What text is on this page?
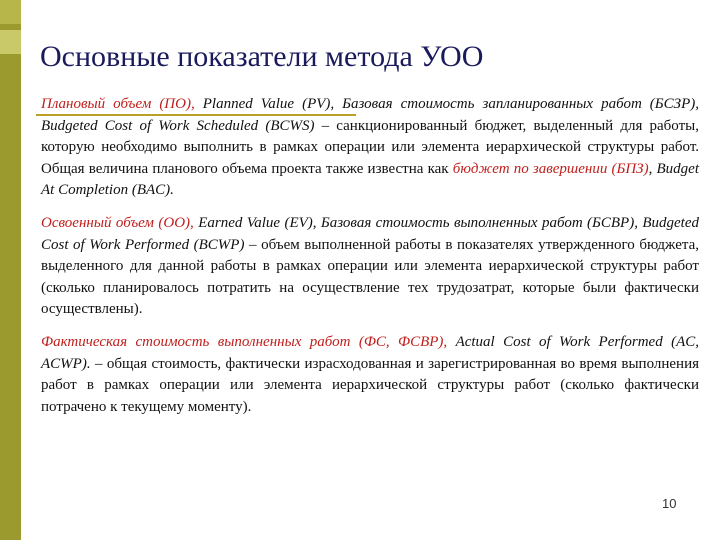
Основные показатели метода УОО

Плановый объем (ПО), Planned Value (PV), Базовая стоимость запланированных работ (БСЗР), Budgeted Cost of Work Scheduled (BCWS) – санкционированный бюджет, выделенный для работы, которую необходимо выполнить в рамках операции или элемента иерархической структуры работ. Общая величина планового объема проекта также известна как бюджет по завершении (БПЗ), Budget At Completion (BAC).

Освоенный объем (ОО), Earned Value (EV), Базовая стоимость выполненных работ (БСВР), Budgeted Cost of Work Performed (BCWP) – объем выполненной работы в показателях утвержденного бюджета, выделенного для данной работы в рамках операции или элемента иерархической структуры работ (сколько планировалось потратить на осуществление тех трудозатрат, которые были фактически осуществлены).

Фактическая стоимость выполненных работ (ФС, ФСВР), Actual Cost of Work Performed (AC, ACWP). – общая стоимость, фактически израсходованная и зарегистрированная во время выполнения работ в рамках операции или элемента иерархической структуры работ (сколько фактически потрачено к текущему моменту).

10
